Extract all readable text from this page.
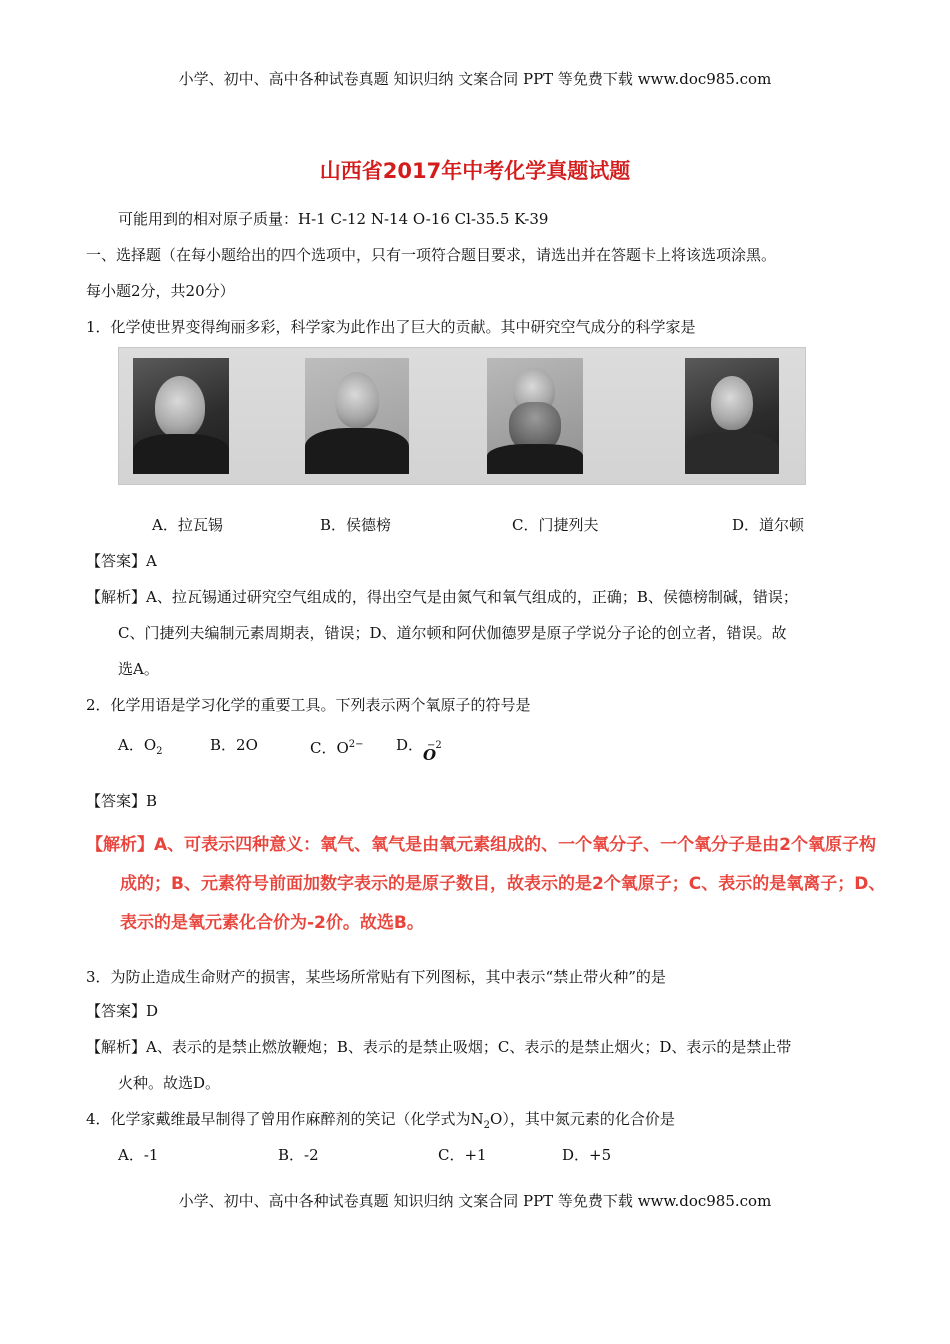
小学、初中、高中各种试卷真题 知识归纳 文案合同 PPT 等免费下载 www.doc985.com
山西省2017年中考化学真题试题
可能用到的相对原子质量：H-1 C-12 N-14 O-16 Cl-35.5 K-39
一、选择题（在每小题给出的四个选项中，只有一项符合题目要求，请选出并在答题卡上将该选项涂黑。
每小题2分，共20分）
1．化学使世界变得绚丽多彩，科学家为此作出了巨大的贡献。其中研究空气成分的科学家是
A．拉瓦锡	B．侯德榜	C．门捷列夫	D．道尔顿
【答案】A
【解析】A、拉瓦锡通过研究空气组成的，得出空气是由氮气和氧气组成的，正确；B、侯德榜制碱，错误；
C、门捷列夫编制元素周期表，错误；D、道尔顿和阿伏伽德罗是原子学说分子论的创立者，错误。故
选A。
2．化学用语是学习化学的重要工具。下列表示两个氧原子的符号是
A．$O_2$	B．2O	C．$O^{2-}$ D． −2
O
【答案】B
【解析】A、可表示四种意义：氧气、氧气是由氧元素组成的、一个氧分子、一个氧分子是由2个氧原子构
成的；B、元素符号前面加数字表示的是原子数目，故表示的是2个氧原子；C、表示的是氧离子；D、
表示的是氧元素化合价为-2价。故选B。
3．为防止造成生命财产的损害，某些场所常贴有下列图标，其中表示“禁止带火种”的是
【答案】D
【解析】A、表示的是禁止燃放鞭炮；B、表示的是禁止吸烟；C、表示的是禁止烟火；D、表示的是禁止带
火种。故选D。
4．化学家戴维最早制得了曾用作麻醉剂的笑记（化学式为$N_2O$），其中氮元素的化合价是
A．-1	B．-2	C．+1	D．+5
小学、初中、高中各种试卷真题 知识归纳 文案合同 PPT 等免费下载 www.doc985.com
